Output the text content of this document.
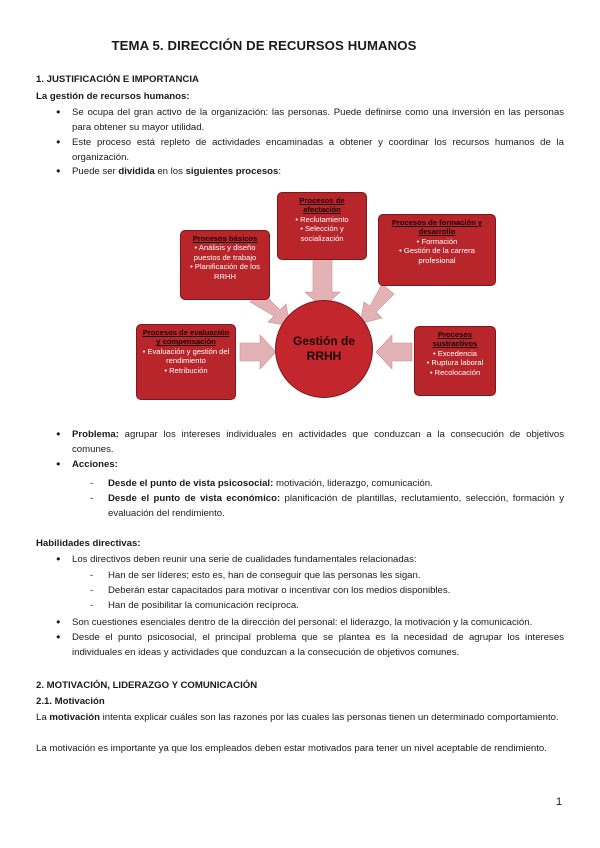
TEMA 5. DIRECCIÓN DE RECURSOS HUMANOS
1. JUSTIFICACIÓN E IMPORTANCIA
La gestión de recursos humanos:
● Se ocupa del gran activo de la organización: las personas. Puede definirse como una inversión en las personas para obtener su mayor utilidad.
● Este proceso está repleto de actividades encaminadas a obtener y coordinar los recursos humanos de la organización.
● Puede ser dividida en los siguientes procesos:
Gestión de
RRHH
Procesos básicos
• Análisis y diseño puestos de trabajo
• Planificación de los RRHH
Procesos de afectación
• Reclutamiento
• Selección y socialización
Procesos de formación y desarrollo
• Formación
• Gestión de la carrera profesional
Procesos de evaluación y compensación
• Evaluación y gestión del rendimiento
• Retribución
Procesos sustractivos
• Excedencia
• Ruptura laboral
• Recolocación
● Problema: agrupar los intereses individuales en actividades que conduzcan a la consecución de objetivos comunes.
● Acciones:
- Desde el punto de vista psicosocial: motivación, liderazgo, comunicación.
- Desde el punto de vista económico: planificación de plantillas, reclutamiento, selección, formación y evaluación del rendimiento.
Habilidades directivas:
● Los directivos deben reunir una serie de cualidades fundamentales relacionadas:
- Han de ser líderes; esto es, han de conseguir que las personas les sigan.
- Deberán estar capacitados para motivar o incentivar con los medios disponibles.
- Han de posibilitar la comunicación recíproca.
● Son cuestiones esenciales dentro de la dirección del personal: el liderazgo, la motivación y la comunicación.
● Desde el punto psicosocial, el principal problema que se plantea es la necesidad de agrupar los intereses individuales en ideas y actividades que conduzcan a la consecución de objetivos comunes.
2. MOTIVACIÓN, LIDERAZGO Y COMUNICACIÓN
2.1. Motivación

La motivación intenta explicar cuáles son las razones por las cuales las personas tienen un determinado comportamiento.

La motivación es importante ya que los empleados deben estar motivados para tener un nivel aceptable de rendimiento.

1
